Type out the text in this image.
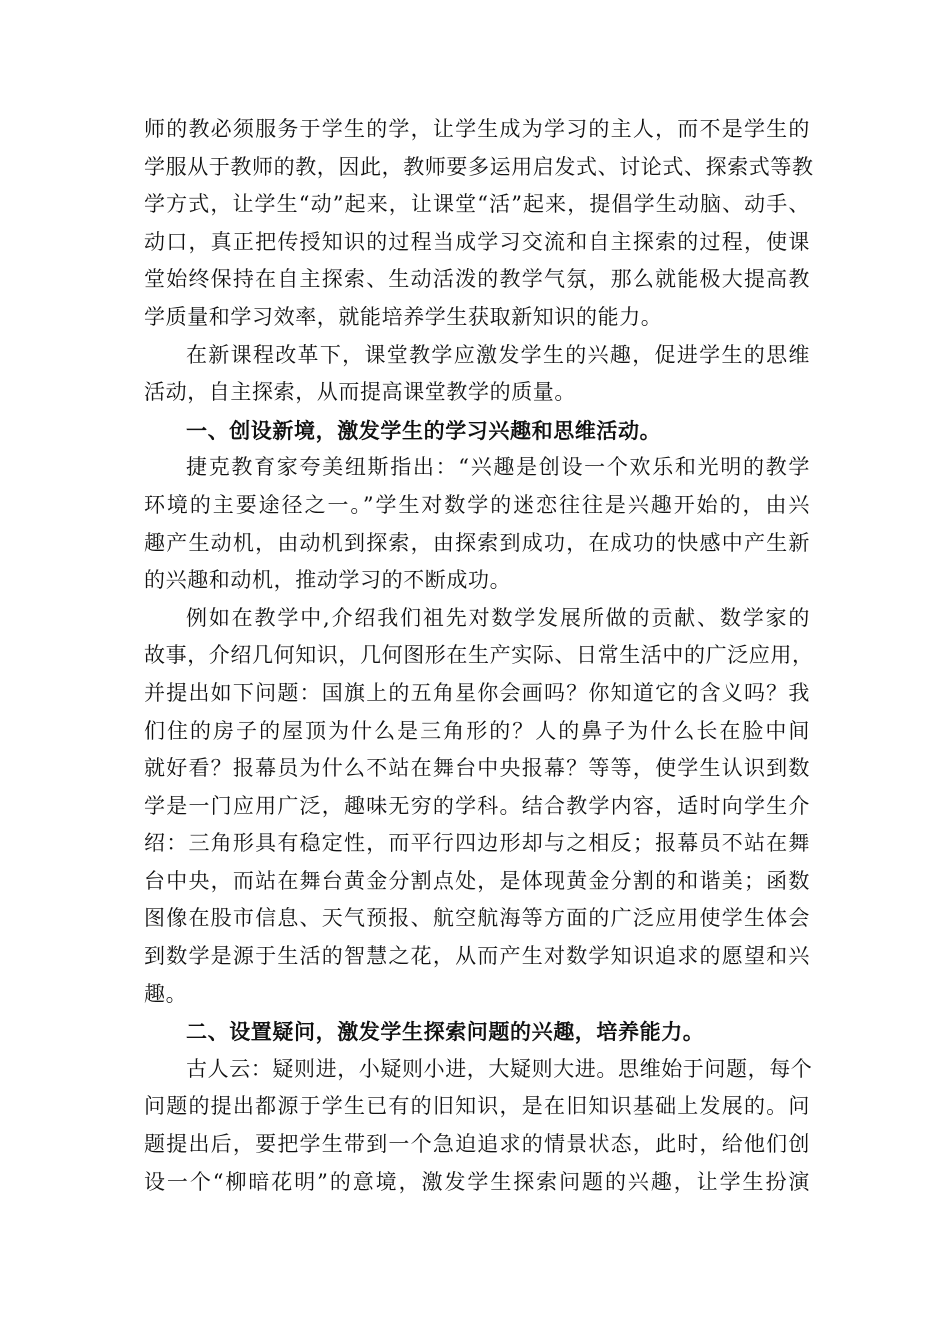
师的教必须服务于学生的学，让学生成为学习的主人，而不是学生的
学服从于教师的教，因此，教师要多运用启发式、讨论式、探索式等教
学方式，让学生“动”起来，让课堂“活”起来，提倡学生动脑、动手、
动口，真正把传授知识的过程当成学习交流和自主探索的过程，使课
堂始终保持在自主探索、生动活泼的教学气氛，那么就能极大提高教
学质量和学习效率，就能培养学生获取新知识的能力。
在新课程改革下，课堂教学应激发学生的兴趣，促进学生的思维
活动，自主探索，从而提高课堂教学的质量。
一、创设新境，激发学生的学习兴趣和思维活动。
捷克教育家夸美纽斯指出：“兴趣是创设一个欢乐和光明的教学
环境的主要途径之一。”学生对数学的迷恋往往是兴趣开始的，由兴
趣产生动机，由动机到探索，由探索到成功，在成功的快感中产生新
的兴趣和动机，推动学习的不断成功。
例如在教学中,介绍我们祖先对数学发展所做的贡献、数学家的
故事，介绍几何知识，几何图形在生产实际、日常生活中的广泛应用，
并提出如下问题：国旗上的五角星你会画吗？你知道它的含义吗？我
们住的房子的屋顶为什么是三角形的？人的鼻子为什么长在脸中间
就好看？报幕员为什么不站在舞台中央报幕？等等，使学生认识到数
学是一门应用广泛，趣味无穷的学科。结合教学内容，适时向学生介
绍：三角形具有稳定性，而平行四边形却与之相反；报幕员不站在舞
台中央，而站在舞台黄金分割点处，是体现黄金分割的和谐美；函数
图像在股市信息、天气预报、航空航海等方面的广泛应用使学生体会
到数学是源于生活的智慧之花，从而产生对数学知识追求的愿望和兴
趣。
二、设置疑问，激发学生探索问题的兴趣，培养能力。
古人云：疑则进，小疑则小进，大疑则大进。思维始于问题，每个
问题的提出都源于学生已有的旧知识，是在旧知识基础上发展的。问
题提出后，要把学生带到一个急迫追求的情景状态，此时，给他们创
设一个“柳暗花明”的意境，激发学生探索问题的兴趣，让学生扮演
